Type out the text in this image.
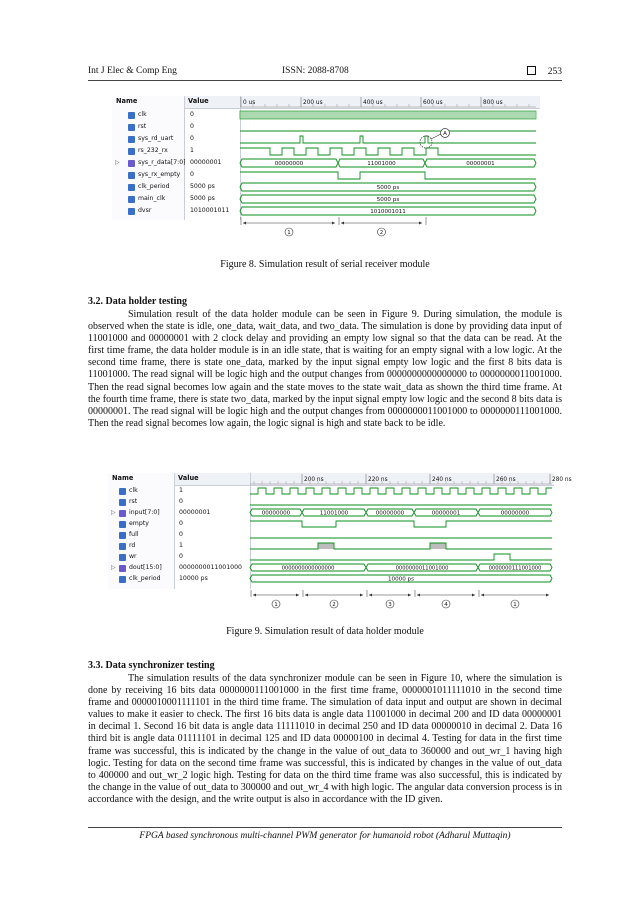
Int J Elec & Comp Eng	ISSN: 2088-8708	253
Name	Value
clk	0
rst	0
sys_rd_uart	0
rs_232_rx	1
▷	sys_r_data[7:0] 00000001
sys_rx_empty 0
clk_period	5000 ps
main_clk	5000 ps
dvsr	1010001011
0 us	200 us	400 us	600 us	800 us
00000000	11001000	00000001
5000 ps
5000 ps
1010001011
A
1	2
Figure 8. Simulation result of serial receiver module
3.2. Data holder testing

Simulation result of the data holder module can be seen in Figure 9. During simulation, the module is observed when the state is idle, one_data, wait_data, and two_data. The simulation is done by providing data input of 11001000 and 00000001 with 2 clock delay and providing an empty low signal so that the data can be read. At the first time frame, the data holder module is in an idle state, that is waiting for an empty signal with a low logic. At the second time frame, there is state one_data, marked by the input signal empty low logic and the first 8 bits data is 11001000. The read signal will be logic high and the output changes from 0000000000000000 to 0000000011001000. Then the read signal becomes low again and the state moves to the state wait_data as shown the third time frame. At the fourth time frame, there is state two_data, marked by the input signal empty low logic and the second 8 bits data is 00000001. The read signal will be logic high and the output changes from 0000000011001000 to 0000000111001000. Then the read signal becomes low again, the logic signal is high and state back to be idle.

Name	Value
clk	1
rst	0
▷ input[7:0]	00000001
empty	0
full	0
rd	1
wr	0
▷ dout[15:0]	0000000011001000
clk_period	10000 ps
200 ns	220 ns	240 ns	260 ns	280 ns
00000000	11001000	00000000	00000001	00000000
0000000000000000	0000000011001000	0000000111001000
10000 ps
1	2	3	4	1
Figure 9. Simulation result of data holder module
3.3. Data synchronizer testing

The simulation results of the data synchronizer module can be seen in Figure 10, where the simulation is done by receiving 16 bits data 0000000111001000 in the first time frame, 0000001011111010 in the second time frame and 0000010001111101 in the third time frame. The simulation of data input and output are shown in decimal values to make it easier to check. The first 16 bits data is angle data 11001000 in decimal 200 and ID data 00000001 in decimal 1. Second 16 bit data is angle data 11111010 in decimal 250 and ID data 00000010 in decimal 2. Data 16 third bit is angle data 01111101 in decimal 125 and ID data 00000100 in decimal 4. Testing for data in the first time frame was successful, this is indicated by the change in the value of out_data to 360000 and out_wr_1 having high logic. Testing for data on the second time frame was successful, this is indicated by changes in the value of out_data to 400000 and out_wr_2 logic high. Testing for data on the third time frame was also successful, this is indicated by the change in the value of out_data to 300000 and out_wr_4 with high logic. The angular data conversion process is in accordance with the design, and the write output is also in accordance with the ID given.

FPGA based synchronous multi-channel PWM generator for humanoid robot (Adharul Muttaqin)
